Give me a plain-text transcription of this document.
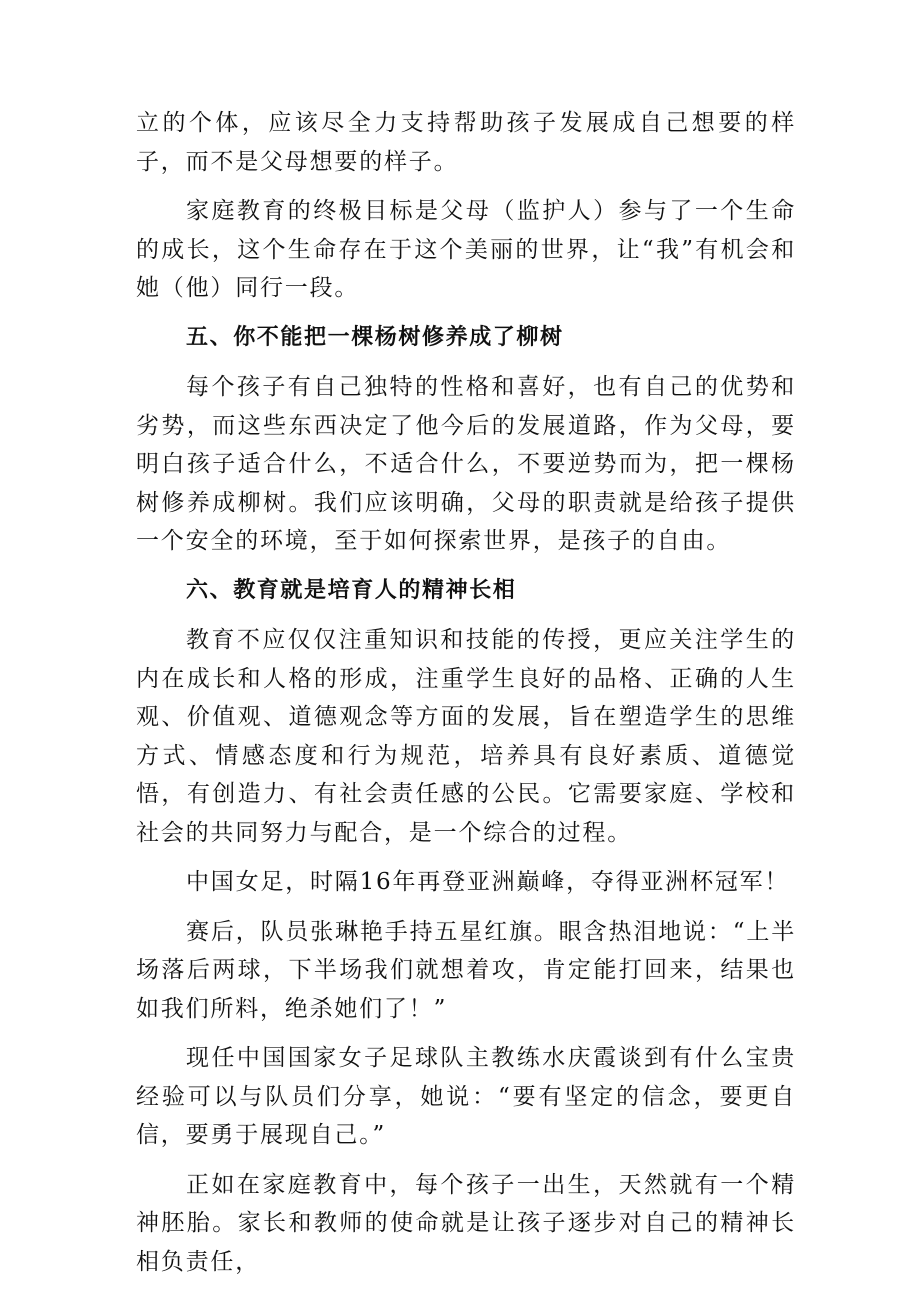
立的个体，应该尽全力支持帮助孩子发展成自己想要的样子，而不是父母想要的样子。

家庭教育的终极目标是父母（监护人）参与了一个生命的成长，这个生命存在于这个美丽的世界，让“我”有机会和她（他）同行一段。

五、你不能把一棵杨树修养成了柳树

每个孩子有自己独特的性格和喜好，也有自己的优势和劣势，而这些东西决定了他今后的发展道路，作为父母，要明白孩子适合什么，不适合什么，不要逆势而为，把一棵杨树修养成柳树。我们应该明确，父母的职责就是给孩子提供一个安全的环境，至于如何探索世界，是孩子的自由。

六、教育就是培育人的精神长相

教育不应仅仅注重知识和技能的传授，更应关注学生的内在成长和人格的形成，注重学生良好的品格、正确的人生观、价值观、道德观念等方面的发展，旨在塑造学生的思维方式、情感态度和行为规范，培养具有良好素质、道德觉悟，有创造力、有社会责任感的公民。它需要家庭、学校和社会的共同努力与配合，是一个综合的过程。

中国女足，时隔16年再登亚洲巅峰，夺得亚洲杯冠军！

赛后，队员张琳艳手持五星红旗。眼含热泪地说：“上半场落后两球，下半场我们就想着攻，肯定能打回来，结果也如我们所料，绝杀她们了！”

现任中国国家女子足球队主教练水庆霞谈到有什么宝贵经验可以与队员们分享，她说：“要有坚定的信念，要更自信，要勇于展现自己。”

正如在家庭教育中，每个孩子一出生，天然就有一个精神胚胎。家长和教师的使命就是让孩子逐步对自己的精神长相负责任，
